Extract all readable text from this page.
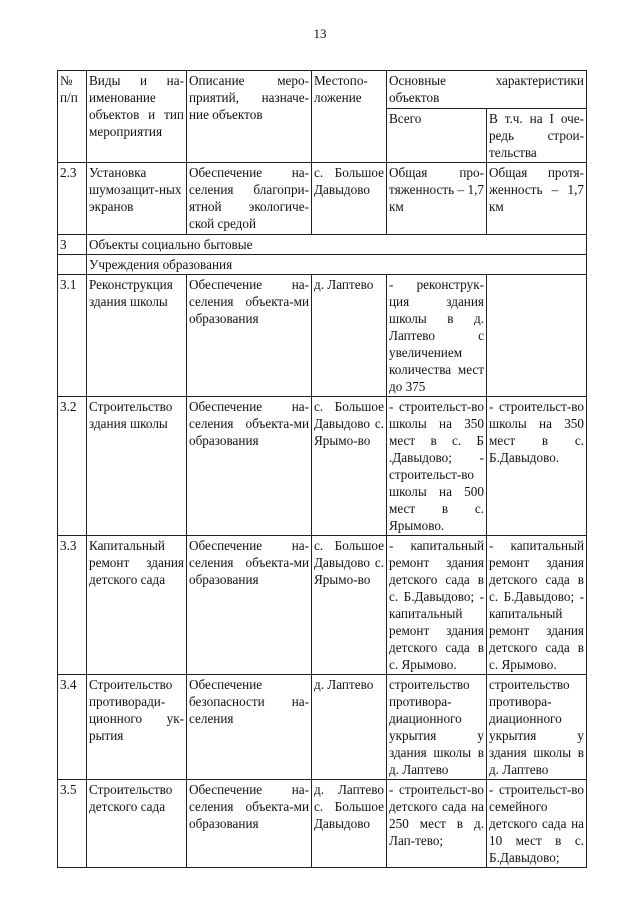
13
№ п/п	Виды и на-именование объектов и тип мероприятия	Описание меро-приятий, назначе-ние объектов	Местопо-ложение	Основные характеристики объектов	
				Всего	В т.ч. на I оче-редь строи-тельства
2.3	Установка шумозащит-ных экранов	Обеспечение на-селения благопри-ятной экологиче-ской средой	с. Большое Давыдово	Общая про-тяженность – 1,7 км	Общая протя-женность – 1,7 км
3	Объекты социально бытовые				
	Учреждения образования				
3.1	Реконструкция здания школы	Обеспечение на-селения объекта-ми образования	д. Лаптево	- реконструк-ция здания школы в д. Лаптево с увеличением количества мест до 375	
3.2	Строительство здания школы	Обеспечение на-селения объекта-ми образования	с. Большое Давыдово с. Ярымо-во	- строительст-во школы на 350 мест в с. Б .Давыдово; - строительст-во школы на 500 мест в с. Ярымово.	- строительст-во школы на 350 мест в с. Б.Давыдово.
3.3	Капитальный ремонт здания детского сада	Обеспечение на-селения объекта-ми образования	с. Большое Давыдово с. Ярымо-во	- капитальный ремонт здания детского сада в с. Б.Давыдово; - капитальный ремонт здания детского сада в с. Ярымово.	- капитальный ремонт здания детского сада в с. Б.Давыдово; - капитальный ремонт здания детского сада в с. Ярымово.
3.4	Строительство противоради-ционного ук-рытия	Обеспечение безопасности на-селения	д. Лаптево	строительство противора-диационного укрытия у здания школы в д. Лаптево	строительство противора-диационного укрытия у здания школы в д. Лаптево
3.5	Строительство детского сада	Обеспечение на-селения объекта-ми образования	д. Лаптево с. Большое Давыдово	- строительст-во детского сада на 250 мест в д. Лап-тево;	- строительст-во семейного детского сада на 10 мест в с. Б.Давыдово;
